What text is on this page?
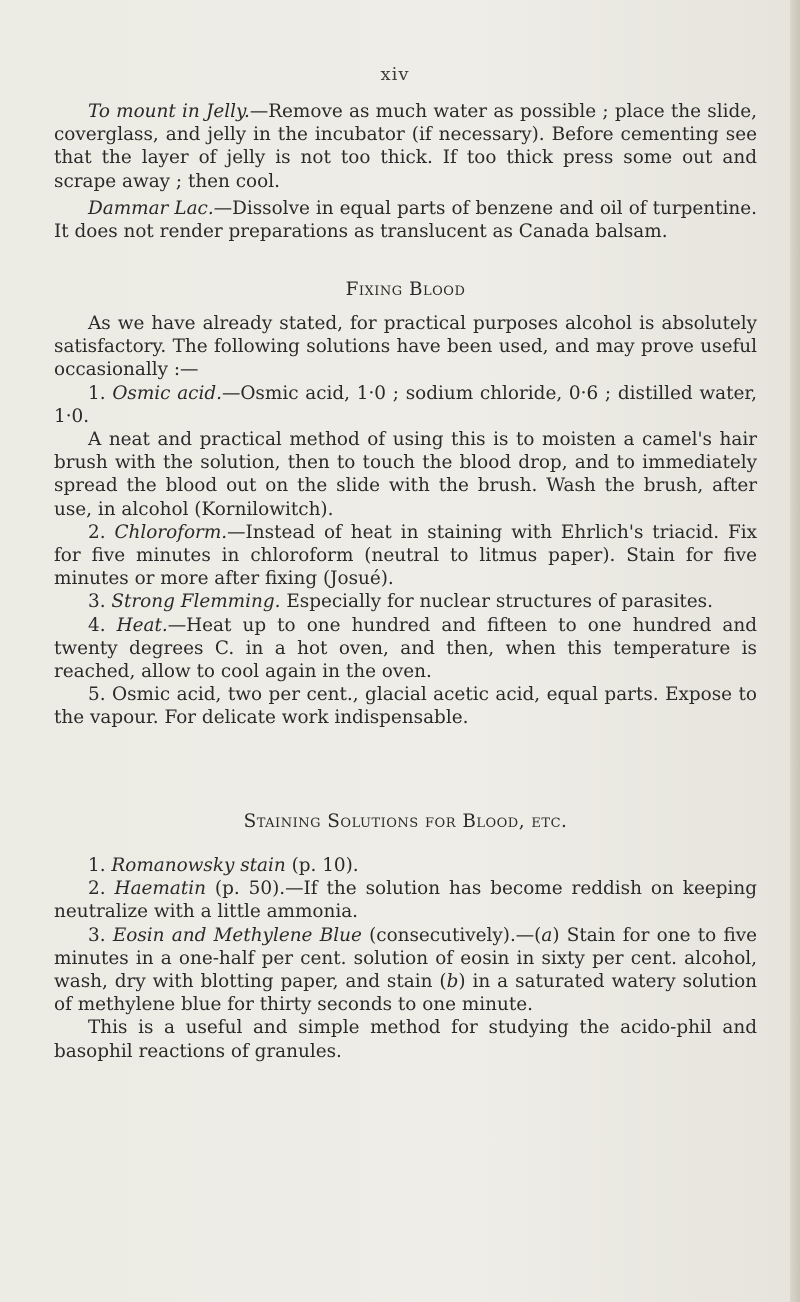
xiv

To mount in Jelly.—Remove as much water as possible ; place the slide, coverglass, and jelly in the incubator (if necessary). Before cementing see that the layer of jelly is not too thick. If too thick press some out and scrape away ; then cool.

Dammar Lac.—Dissolve in equal parts of benzene and oil of turpentine. It does not render preparations as translucent as Canada balsam.

Fixing Blood

As we have already stated, for practical purposes alcohol is absolutely satisfactory. The following solutions have been used, and may prove useful occasionally :—

1. Osmic acid.—Osmic acid, 1·0 ; sodium chloride, 0·6 ; distilled water, 1·0.

A neat and practical method of using this is to moisten a camel's hair brush with the solution, then to touch the blood drop, and to immediately spread the blood out on the slide with the brush. Wash the brush, after use, in alcohol (Kornilowitch).

2. Chloroform.—Instead of heat in staining with Ehrlich's triacid. Fix for five minutes in chloroform (neutral to litmus paper). Stain for five minutes or more after fixing (Josué).

3. Strong Flemming. Especially for nuclear structures of parasites.

4. Heat.—Heat up to one hundred and fifteen to one hundred and twenty degrees C. in a hot oven, and then, when this temperature is reached, allow to cool again in the oven.

5. Osmic acid, two per cent., glacial acetic acid, equal parts. Expose to the vapour. For delicate work indispensable.

Staining Solutions for Blood, etc.

1. Romanowsky stain (p. 10).

2. Haematin (p. 50).—If the solution has become reddish on keeping neutralize with a little ammonia.

3. Eosin and Methylene Blue (consecutively).—(a) Stain for one to five minutes in a one-half per cent. solution of eosin in sixty per cent. alcohol, wash, dry with blotting paper, and stain (b) in a saturated watery solution of methylene blue for thirty seconds to one minute.

This is a useful and simple method for studying the acido-phil and basophil reactions of granules.
